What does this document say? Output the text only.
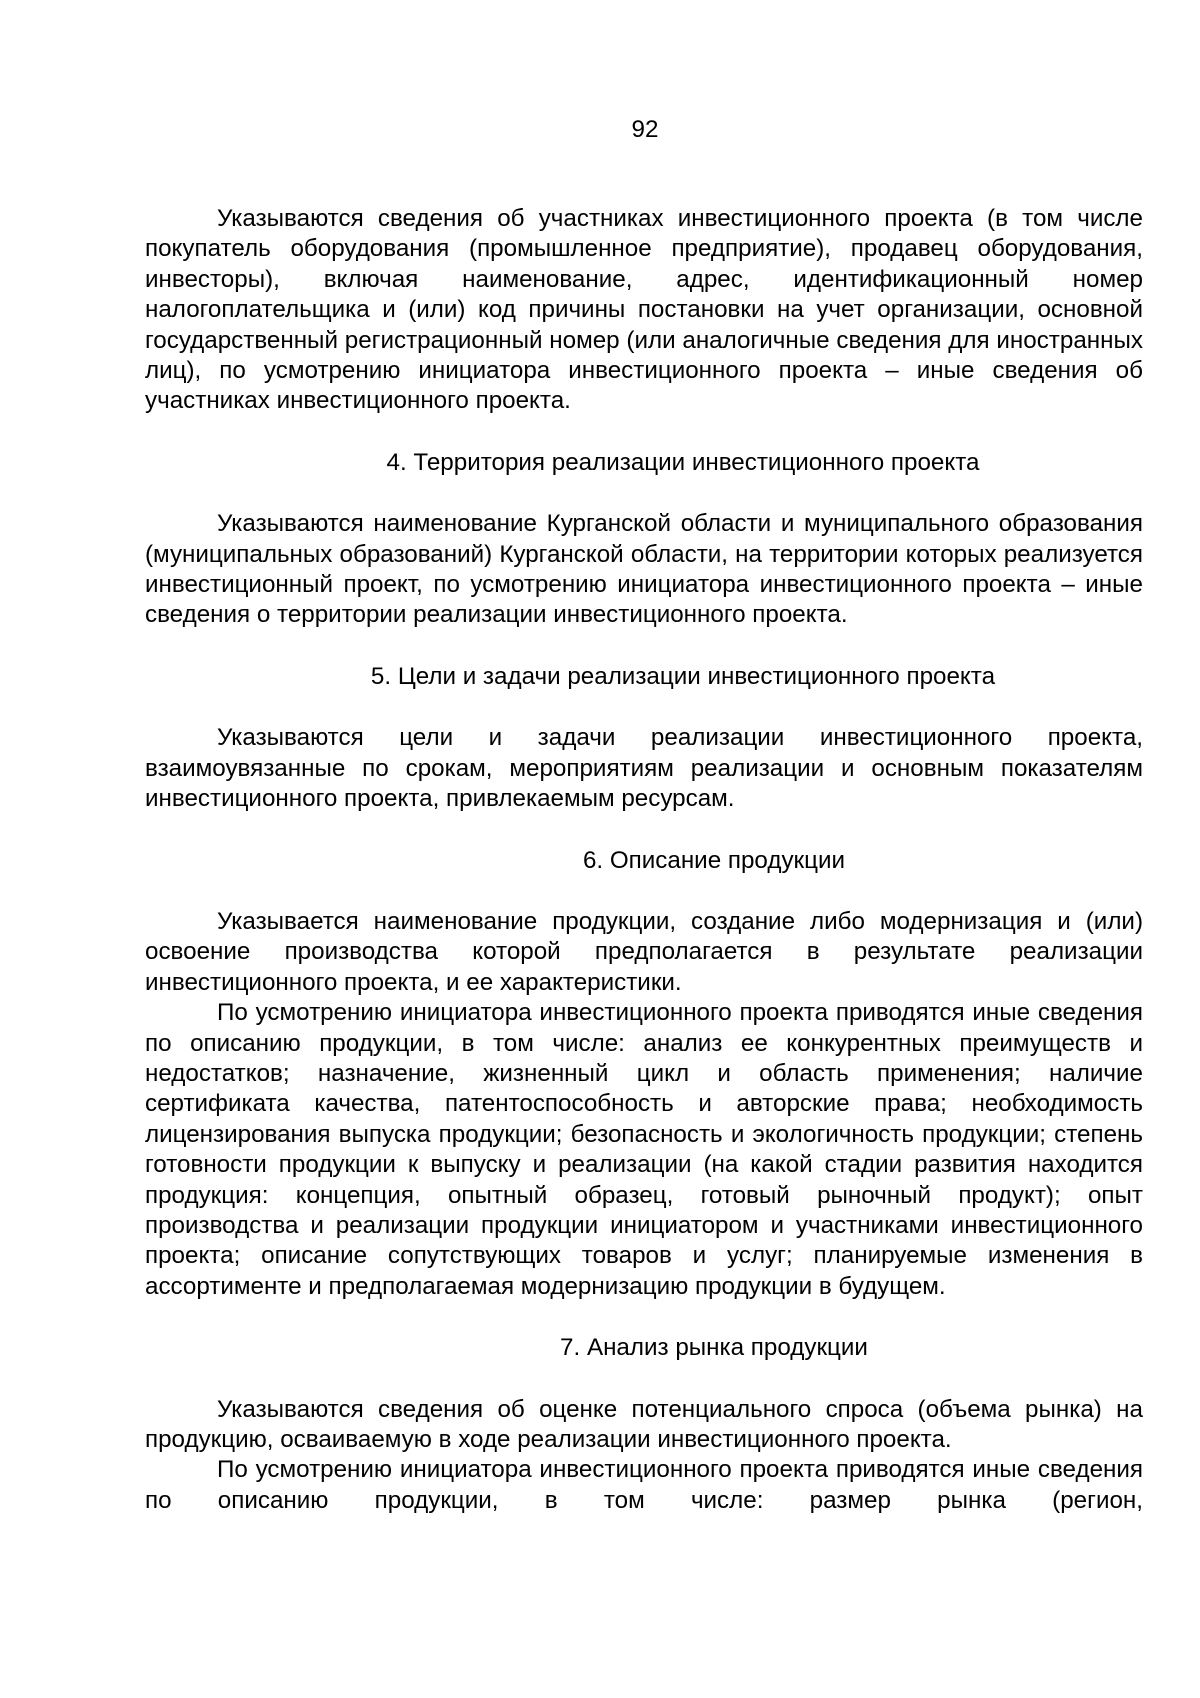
92

Указываются сведения об участниках инвестиционного проекта (в том числе покупатель оборудования (промышленное предприятие), продавец оборудования, инвесторы), включая наименование, адрес, идентификационный номер налогоплательщика и (или) код причины постановки на учет организации, основной государственный регистрационный номер (или аналогичные сведения для иностранных лиц), по усмотрению инициатора инвестиционного проекта – иные сведения об участниках инвестиционного проекта.

4. Территория реализации инвестиционного проекта

Указываются наименование Курганской области и муниципального образования (муниципальных образований) Курганской области, на территории которых реализуется инвестиционный проект, по усмотрению инициатора инвестиционного проекта – иные сведения о территории реализации инвестиционного проекта.

5. Цели и задачи реализации инвестиционного проекта

Указываются цели и задачи реализации инвестиционного проекта, взаимоувязанные по срокам, мероприятиям реализации и основным показателям инвестиционного проекта, привлекаемым ресурсам.

6. Описание продукции

Указывается наименование продукции, создание либо модернизация и (или) освоение производства которой предполагается в результате реализации инвестиционного проекта, и ее характеристики.

По усмотрению инициатора инвестиционного проекта приводятся иные сведения по описанию продукции, в том числе: анализ ее конкурентных преимуществ и недостатков; назначение, жизненный цикл и область применения; наличие сертификата качества, патентоспособность и авторские права; необходимость лицензирования выпуска продукции; безопасность и экологичность продукции; степень готовности продукции к выпуску и реализации (на какой стадии развития находится продукция: концепция, опытный образец, готовый рыночный продукт); опыт производства и реализации продукции инициатором и участниками инвестиционного проекта; описание сопутствующих товаров и услуг; планируемые изменения в ассортименте и предполагаемая модернизацию продукции в будущем.

7. Анализ рынка продукции

Указываются сведения об оценке потенциального спроса (объема рынка) на продукцию, осваиваемую в ходе реализации инвестиционного проекта.

По усмотрению инициатора инвестиционного проекта приводятся иные сведения по описанию продукции, в том числе: размер рынка (регион,
